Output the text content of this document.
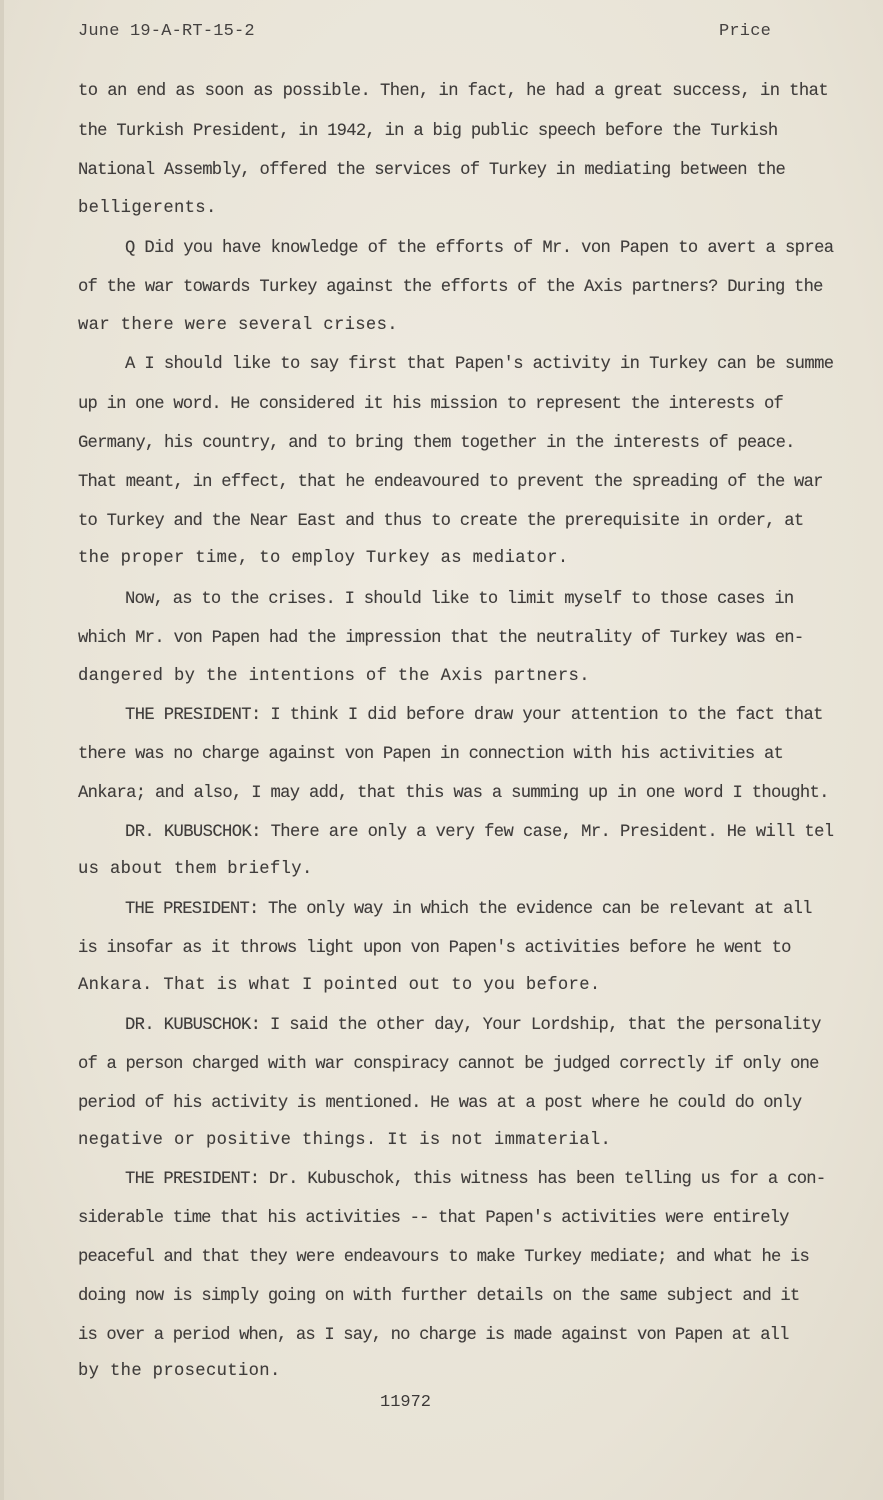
June 19-A-RT-15-2	Price
to an end as soon as possible. Then, in fact, he had a great success, in that
the Turkish President, in 1942, in a big public speech before the Turkish
National Assembly, offered the services of Turkey in mediating between the
belligerents.
Q Did you have knowledge of the efforts of Mr. von Papen to avert a sprea
of the war towards Turkey against the efforts of the Axis partners? During the
war there were several crises.
A I should like to say first that Papen's activity in Turkey can be summe
up in one word. He considered it his mission to represent the interests of
Germany, his country, and to bring them together in the interests of peace.
That meant, in effect, that he endeavoured to prevent the spreading of the war
to Turkey and the Near East and thus to create the prerequisite in order, at
the proper time, to employ Turkey as mediator.
Now, as to the crises. I should like to limit myself to those cases in
which Mr. von Papen had the impression that the neutrality of Turkey was en-
dangered by the intentions of the Axis partners.
THE PRESIDENT: I think I did before draw your attention to the fact that
there was no charge against von Papen in connection with his activities at
Ankara; and also, I may add, that this was a summing up in one word I thought.
DR. KUBUSCHOK: There are only a very few case, Mr. President. He will tel
us about them briefly.
THE PRESIDENT: The only way in which the evidence can be relevant at all
is insofar as it throws light upon von Papen's activities before he went to
Ankara. That is what I pointed out to you before.
DR. KUBUSCHOK: I said the other day, Your Lordship, that the personality
of a person charged with war conspiracy cannot be judged correctly if only one
period of his activity is mentioned. He was at a post where he could do only
negative or positive things. It is not immaterial.
THE PRESIDENT: Dr. Kubuschok, this witness has been telling us for a con-
siderable time that his activities -- that Papen's activities were entirely
peaceful and that they were endeavours to make Turkey mediate; and what he is
doing now is simply going on with further details on the same subject and it
is over a period when, as I say, no charge is made against von Papen at all
by the prosecution.
11972
